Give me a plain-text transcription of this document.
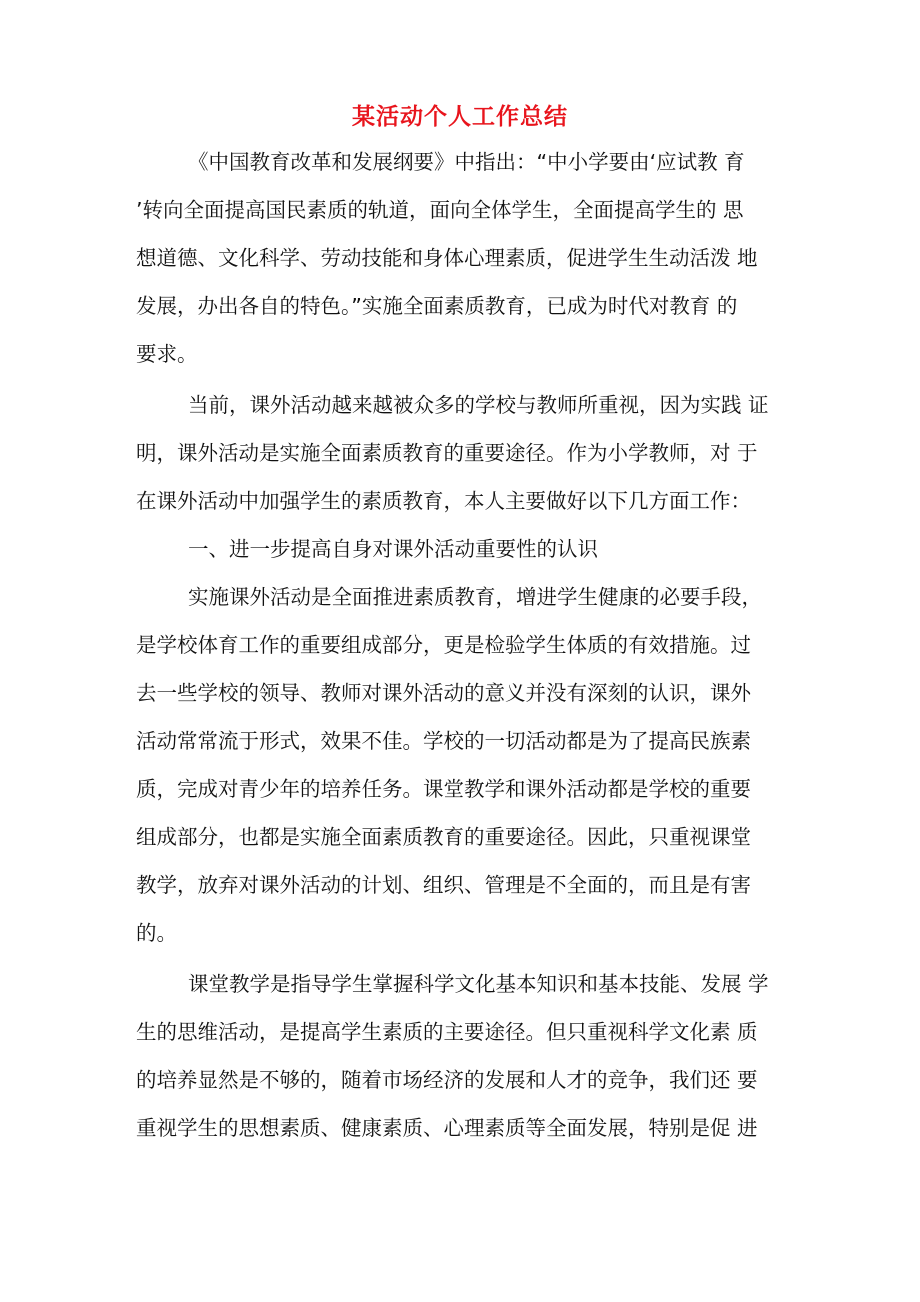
某活动个人工作总结
《中国教育改革和发展纲要》中指出：“中小学要由‘应试教 育
’转向全面提高国民素质的轨道，面向全体学生，全面提高学生的 思
想道德、文化科学、劳动技能和身体心理素质，促进学生生动活泼 地
发展，办出各自的特色。”实施全面素质教育，已成为时代对教育 的
要求。
当前，课外活动越来越被众多的学校与教师所重视，因为实践 证
明，课外活动是实施全面素质教育的重要途径。作为小学教师，对 于
在课外活动中加强学生的素质教育，本人主要做好以下几方面工作：
一、进一步提高自身对课外活动重要性的认识
实施课外活动是全面推进素质教育，增进学生健康的必要手段，
是学校体育工作的重要组成部分，更是检验学生体质的有效措施。过
去一些学校的领导、教师对课外活动的意义并没有深刻的认识，课外
活动常常流于形式，效果不佳。学校的一切活动都是为了提高民族素
质，完成对青少年的培养任务。课堂教学和课外活动都是学校的重要
组成部分，也都是实施全面素质教育的重要途径。因此，只重视课堂
教学，放弃对课外活动的计划、组织、管理是不全面的，而且是有害
的。
课堂教学是指导学生掌握科学文化基本知识和基本技能、发展 学
生的思维活动，是提高学生素质的主要途径。但只重视科学文化素 质
的培养显然是不够的，随着市场经济的发展和人才的竞争，我们还 要
重视学生的思想素质、健康素质、心理素质等全面发展，特别是促 进
